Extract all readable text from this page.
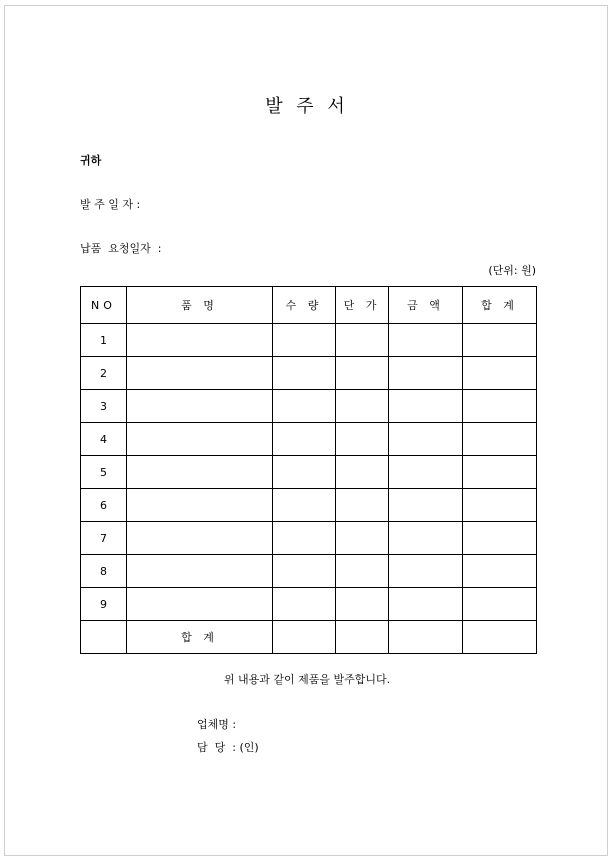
발 주 서
귀하
발 주 일 자 :
납품  요청일자  :
(단위: 원)
NO	품 명	수 량	단 가	금 액	합 계
1					
2					
3					
4					
5					
6					
7					
8					
9					
	합 계				
위 내용과 같이 제품을 발주합니다.
업체명 :
담  당  : (인)
